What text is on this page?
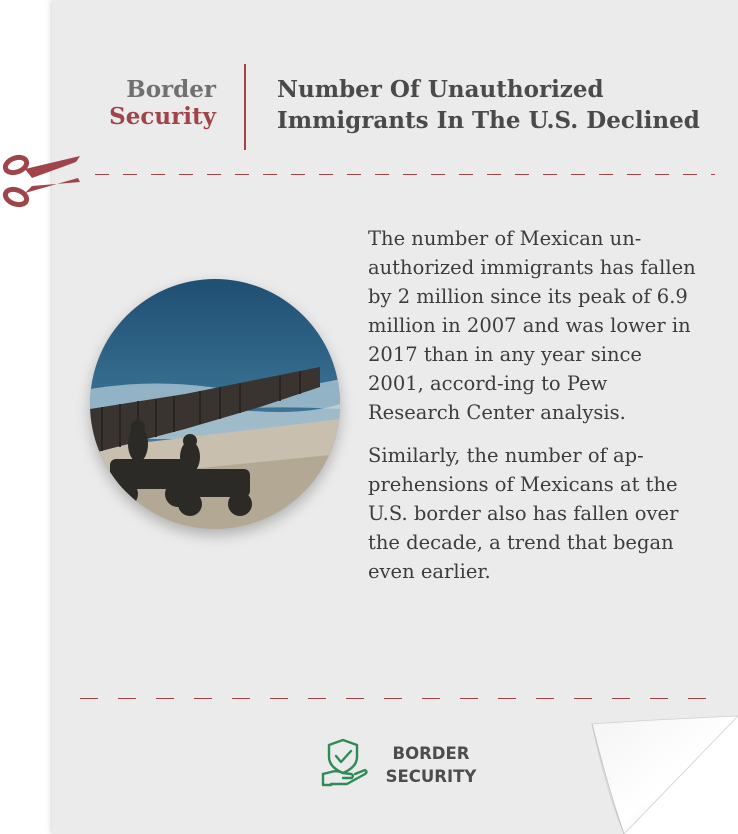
Border
Security
Number Of Unauthorized Immigrants In The U.S. Declined

The number of Mexican un-authorized immigrants has fallen by 2 million since its peak of 6.9 million in 2007 and was lower in 2017 than in any year since 2001, accord-ing to Pew Research Center analysis.

Similarly, the number of ap-prehensions of Mexicans at the U.S. border also has fallen over the decade, a trend that began even earlier.

BORDER
SECURITY
